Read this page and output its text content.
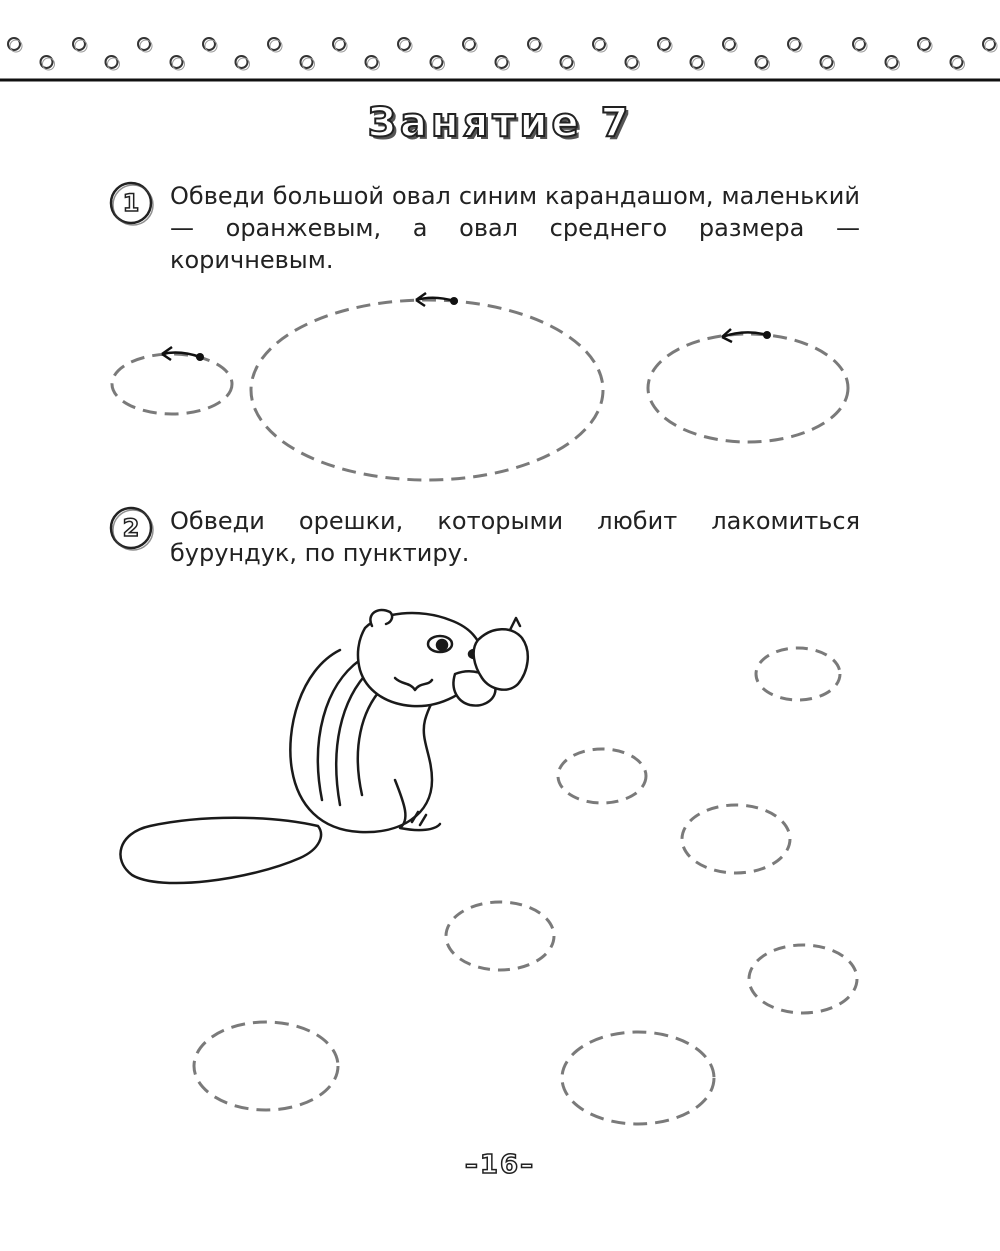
Занятие 7
1 Обведи большой овал синим карандашом, маленький — оранжевым, а овал среднего размера — коричневым.
2 Обведи орешки, которыми любит лакомиться бурундук, по пунктиру.
–16–
